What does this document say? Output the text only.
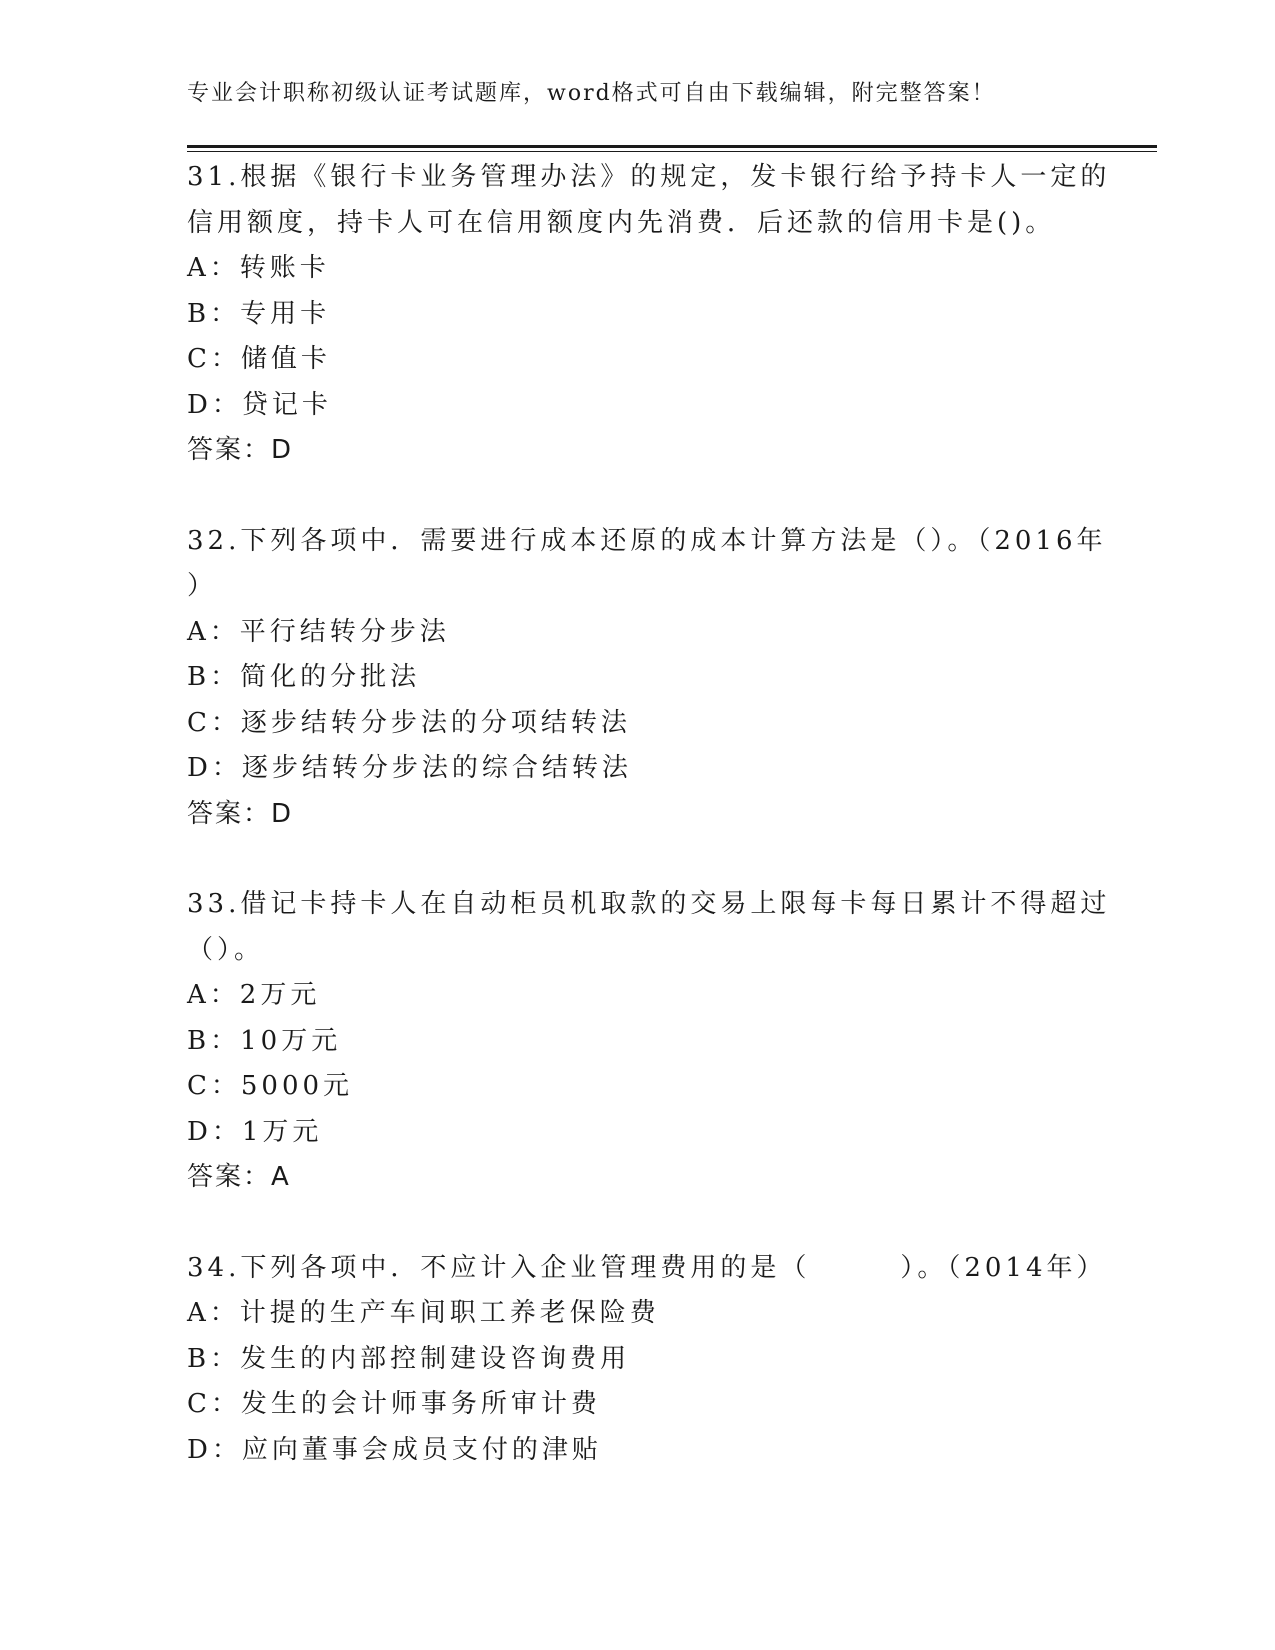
专业会计职称初级认证考试题库，word格式可自由下载编辑，附完整答案！
31.根据《银行卡业务管理办法》的规定，发卡银行给予持卡人一定的
信用额度，持卡人可在信用额度内先消费．后还款的信用卡是()。
A：转账卡
B：专用卡
C：储值卡
D：贷记卡
答案：D
32.下列各项中．需要进行成本还原的成本计算方法是（）。（2016年
）
A：平行结转分步法
B：简化的分批法
C：逐步结转分步法的分项结转法
D：逐步结转分步法的综合结转法
答案：D
33.借记卡持卡人在自动柜员机取款的交易上限每卡每日累计不得超过
（）。
A：2万元
B：10万元
C：5000元
D：1万元
答案：A
34.下列各项中．不应计入企业管理费用的是（　　　）。（2014年）
A：计提的生产车间职工养老保险费
B：发生的内部控制建设咨询费用
C：发生的会计师事务所审计费
D：应向董事会成员支付的津贴
